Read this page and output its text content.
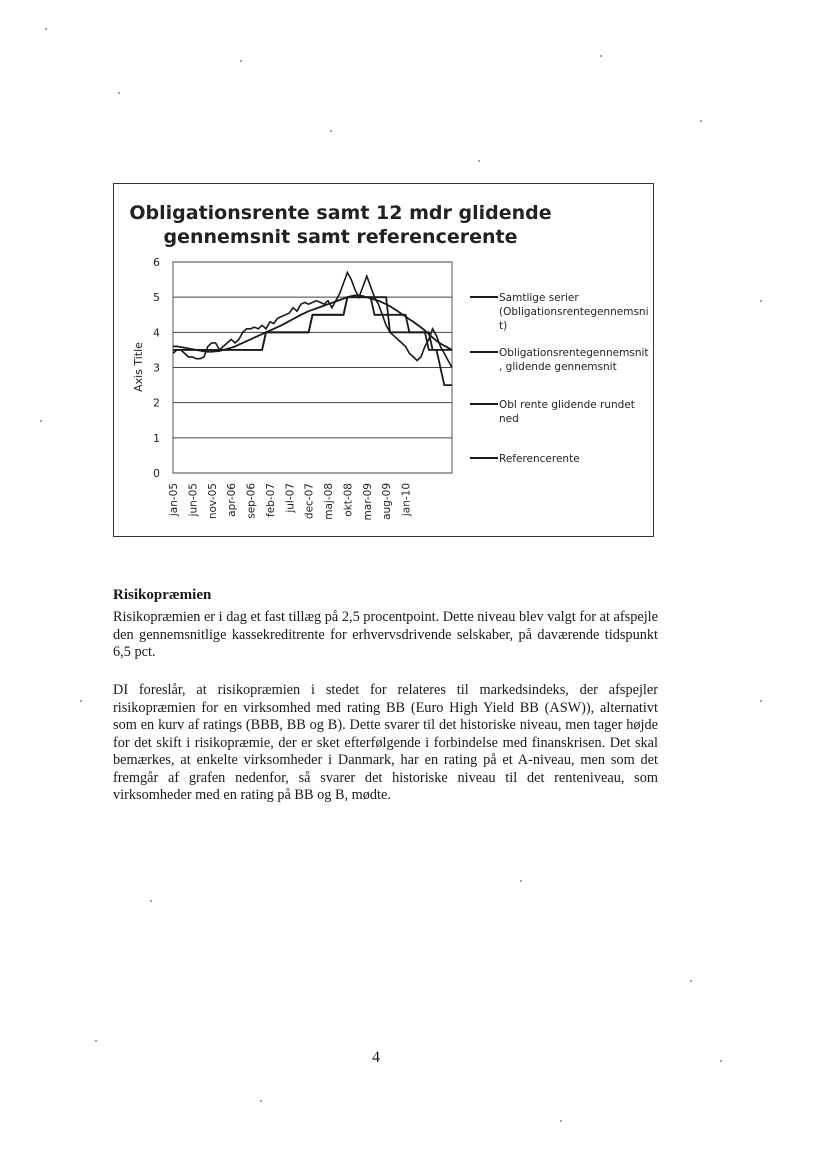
Obligationsrente samt 12 mdr glidende
gennemsnit samt referencerente
0
1
2
3
4
5
6
Axis Title
jan-05 jun-05 nov-05 apr-06 sep-06 feb-07 jul-07 dec-07 maj-08 okt-08 mar-09 aug-09 jan-10
Samtlige serier
(Obligationsrentegennemsni
t)
Obligationsrentegennemsnit
, glidende gennemsnit
Obl rente glidende rundet
ned
Referencerente
Risikopræmien
Risikopræmien er i dag et fast tillæg på 2,5 procentpoint. Dette niveau blev valgt for at afspejle den gennemsnitlige kassekreditrente for erhvervsdrivende selskaber, på daværende tidspunkt 6,5 pct.
DI foreslår, at risikopræmien i stedet for relateres til markedsindeks, der afspejler risikopræmien for en virksomhed med rating BB (Euro High Yield BB (ASW)), alternativt som en kurv af ratings (BBB, BB og B). Dette svarer til det historiske niveau, men tager højde for det skift i risikopræmie, der er sket efterfølgende i forbindelse med finanskrisen. Det skal bemærkes, at enkelte virksomheder i Danmark, har en rating på et A-niveau, men som det fremgår af grafen nedenfor, så svarer det historiske niveau til det renteniveau, som virksomheder med en rating på BB og B, mødte.
4
